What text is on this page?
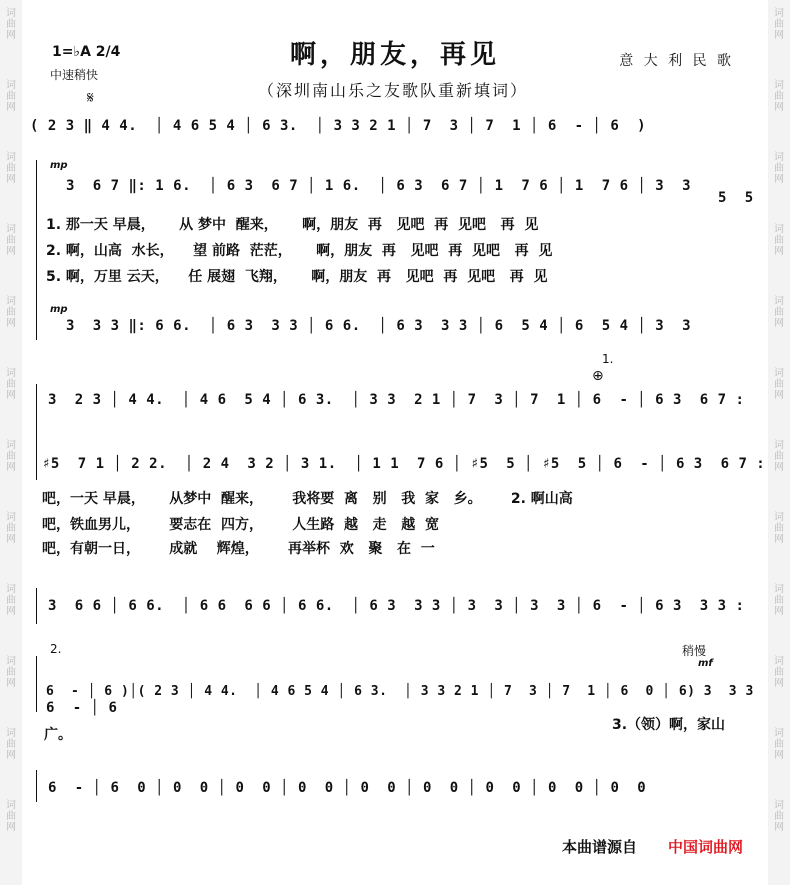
词
曲
网
词
曲
网
词
曲
网
词
曲
网
词
曲
网
词
曲
网
词
曲
网
词
曲
网
词
曲
网
词
曲
网
词
曲
网
词
曲
网
词
曲
网
词
曲
网
词
曲
网
词
曲
网
词
曲
网
词
曲
网
词
曲
网
词
曲
网
词
曲
网
词
曲
网
词
曲
网
词
曲
网
1=♭A 2/4
中速稍快
𝄋
啊，朋友，再见
（深圳南山乐之友歌队重新填词）
意 大 利 民 歌
( 2 3 ‖ 4 4.  │ 4 6 5 4 │ 6 3.  │ 3 3 2 1 │ 7  3 │ 7  1 │ 6  - │ 6  )
mp
3  6 7 ‖: 1 6.  │ 6 3  6 7 │ 1 6.  │ 6 3  6 7 │ 1  7 6 │ 1  7 6 │ 3  3
5  5
1. 那一天 早晨，     从 梦中  醒来，     啊，朋友  再   见吧  再  见吧   再  见
2. 啊，山高  水长，    望 前路  茫茫，     啊，朋友  再   见吧  再  见吧   再  见
5. 啊，万里 云天，    任 展翅  飞翔，     啊，朋友  再   见吧  再  见吧   再  见
mp
3  3 3 ‖: 6 6.  │ 6 3  3 3 │ 6 6.  │ 6 3  3 3 │ 6  5 4 │ 6  5 4 │ 3  3
1.
⊕
3  2 3 │ 4 4.  │ 4 6  5 4 │ 6 3.  │ 3 3  2 1 │ 7  3 │ 7  1 │ 6  - │ 6 3  6 7 :
♯5  7 1 │ 2 2.  │ 2 4  3 2 │ 3 1.  │ 1 1  7 6 │ ♯5  5 │ ♯5  5 │ 6  - │ 6 3  6 7 :
吧，一天 早晨，     从梦中  醒来，      我将要  离   别   我  家   乡。      2. 啊山高
吧，铁血男儿，      要志在  四方，      人生路  越   走   越  宽
吧，有朝一日，      成就    辉煌，      再举杯  欢   聚   在  一
3  6 6 │ 6 6.  │ 6 6  6 6 │ 6 6.  │ 6 3  3 3 │ 3  3 │ 3  3 │ 6  - │ 6 3  3 3 :
2.	稍慢
mf
6  - │ 6 )│( 2 3 │ 4 4.  │ 4 6 5 4 │ 6 3.  │ 3 3 2 1 │ 7  3 │ 7  1 │ 6  0 │ 6) 3  3 3
6  - │ 6
广。
3.（领）啊，家山
6  - │ 6  0 │ 0  0 │ 0  0 │ 0  0 │ 0  0 │ 0  0 │ 0  0 │ 0  0 │ 0  0
本曲谱源自 中国词曲网
